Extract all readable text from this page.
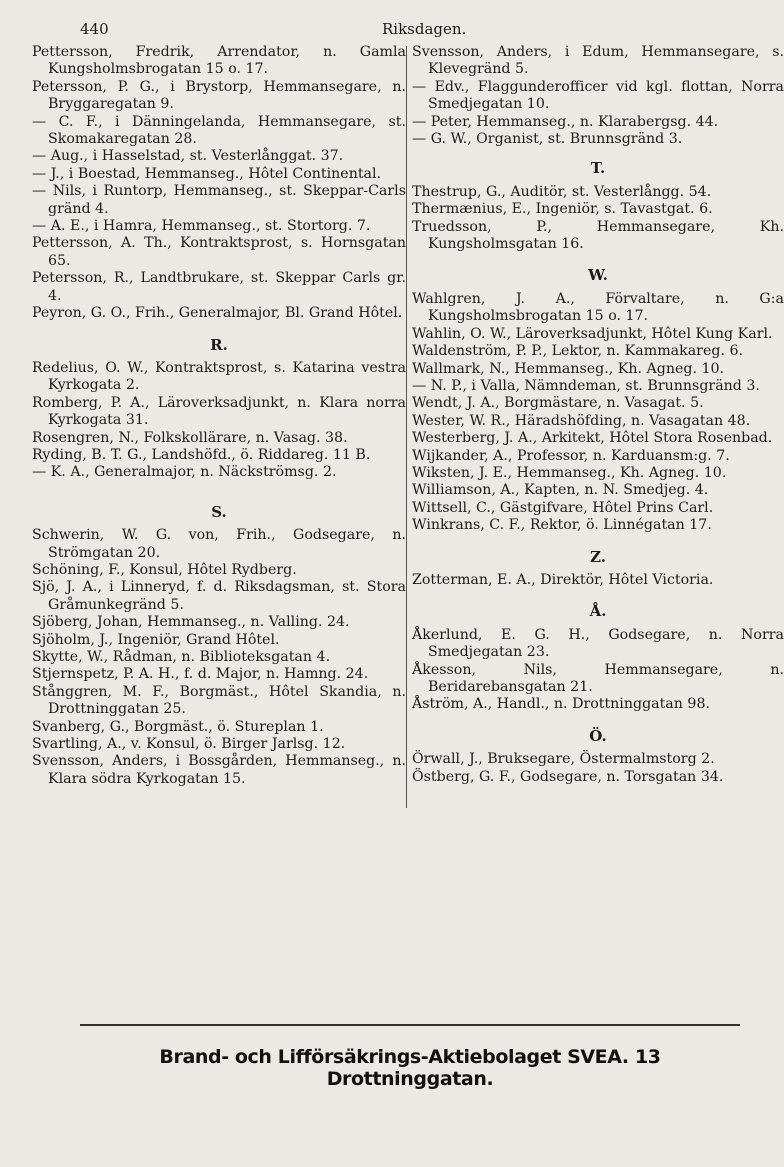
440	Riksdagen.
Pettersson, Fredrik, Arrendator, n. Gamla Kungsholmsbrogatan 15 o. 17.
Petersson, P. G., i Brystorp, Hemmansegare, n. Bryggaregatan 9.
— C. F., i Dänningelanda, Hemmansegare, st. Skomakaregatan 28.
— Aug., i Hasselstad, st. Vesterlånggat. 37.
— J., i Boestad, Hemmanseg., Hôtel Continental.
— Nils, i Runtorp, Hemmanseg., st. Skeppar-Carls gränd 4.
— A. E., i Hamra, Hemmanseg., st. Stortorg. 7.
Pettersson, A. Th., Kontraktsprost, s. Hornsgatan 65.
Petersson, R., Landtbrukare, st. Skeppar Carls gr. 4.
Peyron, G. O., Frih., Generalmajor, Bl. Grand Hôtel.
R.
Redelius, O. W., Kontraktsprost, s. Katarina vestra Kyrkogata 2.
Romberg, P. A., Läroverksadjunkt, n. Klara norra Kyrkogata 31.
Rosengren, N., Folkskollärare, n. Vasag. 38.
Ryding, B. T. G., Landshöfd., ö. Riddareg. 11 B.
— K. A., Generalmajor, n. Näckströmsg. 2.
S.
Schwerin, W. G. von, Frih., Godsegare, n. Strömgatan 20.
Schöning, F., Konsul, Hôtel Rydberg.
Sjö, J. A., i Linneryd, f. d. Riksdagsman, st. Stora Gråmunkegränd 5.
Sjöberg, Johan, Hemmanseg., n. Valling. 24.
Sjöholm, J., Ingeniör, Grand Hôtel.
Skytte, W., Rådman, n. Biblioteksgatan 4.
Stjernspetz, P. A. H., f. d. Major, n. Hamng. 24.
Stånggren, M. F., Borgmäst., Hôtel Skandia, n. Drottninggatan 25.
Svanberg, G., Borgmäst., ö. Stureplan 1.
Svartling, A., v. Konsul, ö. Birger Jarlsg. 12.
Svensson, Anders, i Bossgården, Hemmanseg., n. Klara södra Kyrkogatan 15.
Svensson, Anders, i Edum, Hemmansegare, s. Klevegränd 5.
— Edv., Flaggunderofficer vid kgl. flottan, Norra Smedjegatan 10.
— Peter, Hemmanseg., n. Klarabergsg. 44.
— G. W., Organist, st. Brunnsgränd 3.
T.
Thestrup, G., Auditör, st. Vesterlångg. 54.
Thermænius, E., Ingeniör, s. Tavastgat. 6.
Truedsson, P., Hemmansegare, Kh. Kungsholmsgatan 16.
W.
Wahlgren, J. A., Förvaltare, n. G:a Kungsholmsbrogatan 15 o. 17.
Wahlin, O. W., Läroverksadjunkt, Hôtel Kung Karl.
Waldenström, P. P., Lektor, n. Kammakareg. 6.
Wallmark, N., Hemmanseg., Kh. Agneg. 10.
— N. P., i Valla, Nämndeman, st. Brunnsgränd 3.
Wendt, J. A., Borgmästare, n. Vasagat. 5.
Wester, W. R., Häradshöfding, n. Vasagatan 48.
Westerberg, J. A., Arkitekt, Hôtel Stora Rosenbad.
Wijkander, A., Professor, n. Karduansm:g. 7.
Wiksten, J. E., Hemmanseg., Kh. Agneg. 10.
Williamson, A., Kapten, n. N. Smedjeg. 4.
Wittsell, C., Gästgifvare, Hôtel Prins Carl.
Winkrans, C. F., Rektor, ö. Linnégatan 17.
Z.
Zotterman, E. A., Direktör, Hôtel Victoria.
Å.
Åkerlund, E. G. H., Godsegare, n. Norra Smedjegatan 23.
Åkesson, Nils, Hemmansegare, n. Beridarebansgatan 21.
Åström, A., Handl., n. Drottninggatan 98.
Ö.
Örwall, J., Bruksegare, Östermalmstorg 2.
Östberg, G. F., Godsegare, n. Torsgatan 34.
Brand- och Lifförsäkrings-Aktiebolaget SVEA. 13 Drottninggatan.
